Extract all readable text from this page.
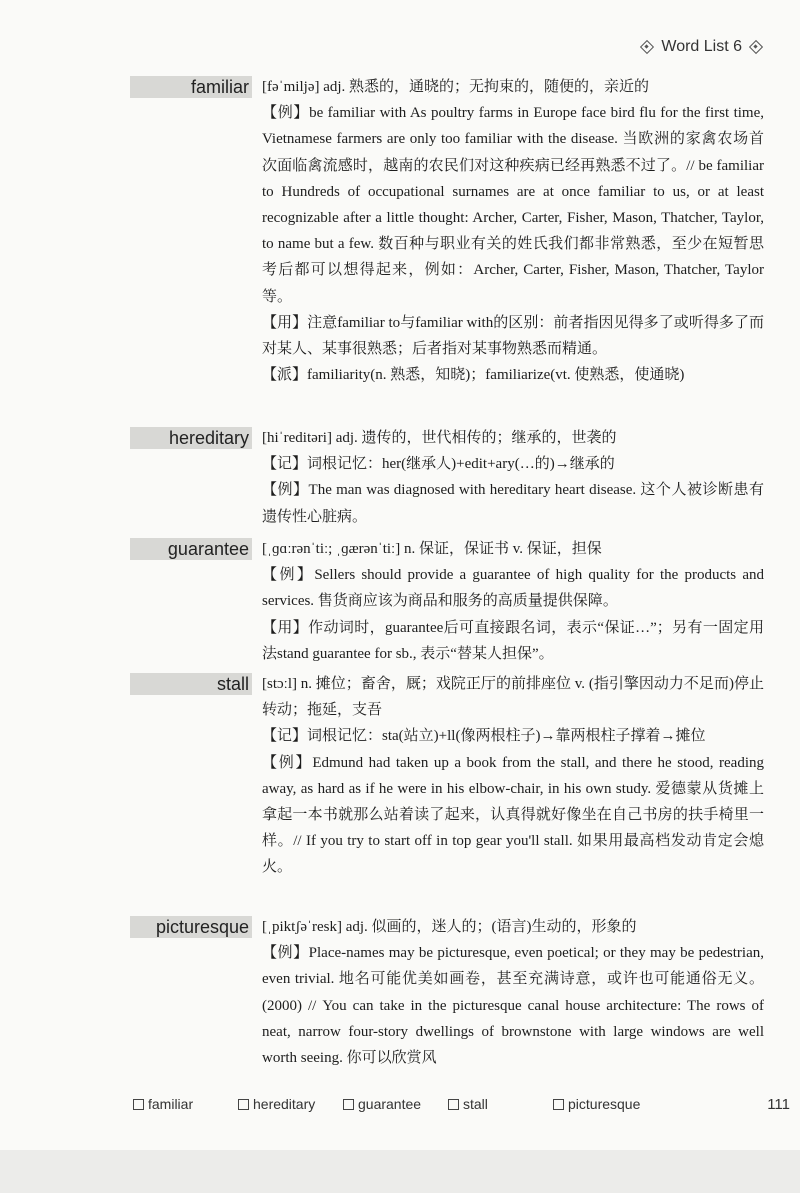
Word List 6
familiar [fəˈmiljə] adj. 熟悉的，通晓的；无拘束的，随便的，亲近的

【例】be familiar with As poultry farms in Europe face bird flu for the first time, Vietnamese farmers are only too familiar with the disease. 当欧洲的家禽农场首次面临禽流感时，越南的农民们对这种疾病已经再熟悉不过了。// be familiar to Hundreds of occupational surnames are at once familiar to us, or at least recognizable after a little thought: Archer, Carter, Fisher, Mason, Thatcher, Taylor, to name but a few. 数百种与职业有关的姓氏我们都非常熟悉，至少在短暂思考后都可以想得起来，例如：Archer, Carter, Fisher, Mason, Thatcher, Taylor等。

【用】注意familiar to与familiar with的区别：前者指因见得多了或听得多了而对某人、某事很熟悉；后者指对某事物熟悉而精通。

【派】familiarity(n. 熟悉，知晓)；familiarize(vt. 使熟悉，使通晓)

hereditary [hiˈreditəri] adj. 遗传的，世代相传的；继承的，世袭的

【记】词根记忆：her(继承人)+edit+ary(…的)→继承的

【例】The man was diagnosed with hereditary heart disease. 这个人被诊断患有遗传性心脏病。

guarantee [ˌɡɑːrənˈtiː; ˌɡærənˈtiː] n. 保证，保证书 v. 保证，担保

【例】Sellers should provide a guarantee of high quality for the products and services. 售货商应该为商品和服务的高质量提供保障。

【用】作动词时，guarantee后可直接跟名词，表示“保证…”；另有一固定用法stand guarantee for sb., 表示“替某人担保”。

stall [stɔːl] n. 摊位；畜舍，厩；戏院正厅的前排座位 v. (指引擎因动力不足而)停止转动；拖延，支吾

【记】词根记忆：sta(站立)+ll(像两根柱子)→靠两根柱子撑着→摊位

【例】Edmund had taken up a book from the stall, and there he stood, reading away, as hard as if he were in his elbow-chair, in his own study. 爱德蒙从货摊上拿起一本书就那么站着读了起来，认真得就好像坐在自己书房的扶手椅里一样。// If you try to start off in top gear you'll stall. 如果用最高档发动肯定会熄火。

picturesque [ˌpiktʃəˈresk] adj. 似画的，迷人的；(语言)生动的，形象的

【例】Place-names may be picturesque, even poetical; or they may be pedestrian, even trivial. 地名可能优美如画卷，甚至充满诗意，或许也可能通俗无义。(2000) // You can take in the picturesque canal house architecture: The rows of neat, narrow four-story dwellings of brownstone with large windows are well worth seeing. 你可以欣赏风

familiar	hereditary	guarantee	stall	picturesque	111
